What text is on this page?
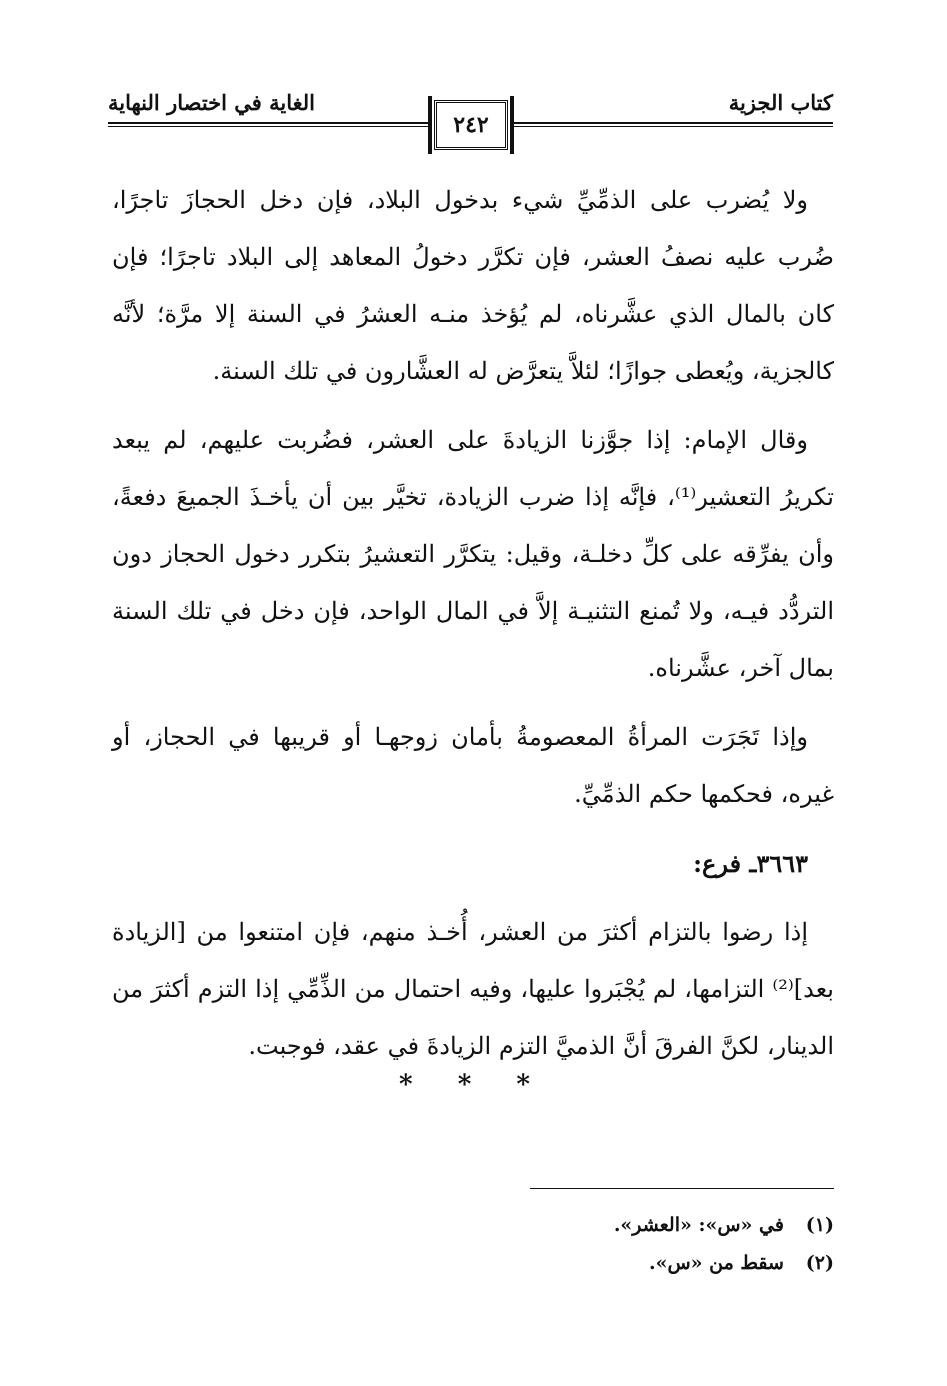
كتاب الجزية
الغاية في اختصار النهاية
٢٤٢

ولا يُضرب على الذمِّيِّ شيء بدخول البلاد، فإن دخل الحجازَ تاجرًا، ضُرب عليه نصفُ العشر، فإن تكرَّر دخولُ المعاهد إلى البلاد تاجرًا؛ فإن كان بالمال الذي عشَّرناه، لم يُؤخذ منـه العشرُ في السنة إلا مرَّة؛ لأنَّه كالجزية، ويُعطى جوازًا؛ لئلاَّ يتعرَّض له العشَّارون في تلك السنة.

وقال الإمام: إذا جوَّزنا الزيادةَ على العشر، فضُربت عليهم، لم يبعد تكريرُ التعشير⁽¹⁾، فإنَّه إذا ضرب الزيادة، تخيَّر بين أن يأخـذَ الجميعَ دفعةً، وأن يفرِّقه على كلِّ دخلـة، وقيل: يتكرَّر التعشيرُ بتكرر دخول الحجاز دون التردُّد فيـه، ولا تُمنع التثنيـة إلاَّ في المال الواحد، فإن دخل في تلك السنة بمال آخر، عشَّرناه.

وإذا تَجَرَت المرأةُ المعصومةُ بأمان زوجهـا أو قريبها في الحجاز، أو غيره، فحكمها حكم الذمِّيِّ.

٣٦٦٣ـ فرع:

إذا رضوا بالتزام أكثرَ من العشر، أُخـذ منهم، فإن امتنعوا من [الزيادة بعد]⁽²⁾ التزامها، لم يُجْبَروا عليها، وفيه احتمال من الذِّمِّي إذا التزم أكثرَ من الدينار، لكنَّ الفرقَ أنَّ الذميَّ التزم الزيادةَ في عقد، فوجبت.

* * *
(١) في «س»: «العشر».
(٢) سقط من «س».
